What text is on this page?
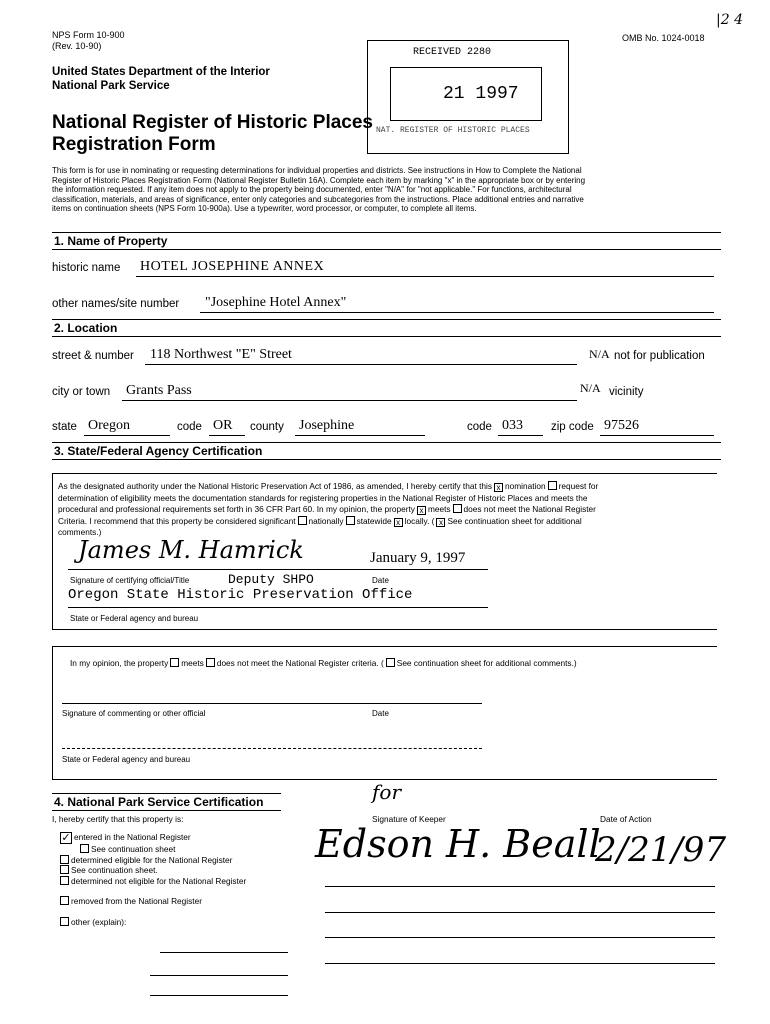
NPS Form 10-900
(Rev. 10-90)
OMB No. 1024-0018
|2 4
United States Department of the Interior
National Park Service
National Register of Historic Places
Registration Form
RECEIVED 2280
21 1997
NAT. REGISTER OF HISTORIC PLACES
This form is for use in nominating or requesting determinations for individual properties and districts. See instructions in How to Complete the National
Register of Historic Places Registration Form (National Register Bulletin 16A). Complete each item by marking "x" in the appropriate box or by entering
the information requested. If any item does not apply to the property being documented, enter "N/A" for "not applicable." For functions, architectural
classification, materials, and areas of significance, enter only categories and subcategories from the instructions. Place additional entries and narrative
items on continuation sheets (NPS Form 10-900a). Use a typewriter, word processor, or computer, to complete all items.
1. Name of Property
historic name HOTEL JOSEPHINE ANNEX
other names/site number "Josephine Hotel Annex"
2. Location
street & number 118 Northwest "E" Street	N/A not for publication
city or town Grants Pass	N/A vicinity
state Oregon	code OR county Josephine	code 033 zip code 97526
3. State/Federal Agency Certification
As the designated authority under the National Historic Preservation Act of 1986, as amended, I hereby certify that this x nomination request for
determination of eligibility meets the documentation standards for registering properties in the National Register of Historic Places and meets the
procedural and professional requirements set forth in 36 CFR Part 60. In my opinion, the property x meets does not meet the National Register
Criteria. I recommend that this property be considered significant nationally statewide x locally. ( x See continuation sheet for additional
comments.)
James M. Hamrick	January 9, 1997
Signature of certifying official/Title	Deputy SHPO	Date
Oregon State Historic Preservation Office
State or Federal agency and bureau
In my opinion, the property meets does not meet the National Register criteria. ( See continuation sheet for additional comments.)
Signature of commenting or other official	Date
State or Federal agency and bureau
4. National Park Service Certification	for
I, hereby certify that this property is:	Signature of Keeper	Date of Action
Edson H. Beall
2/21/97
✓ entered in the National Register
See continuation sheet
determined eligible for the National Register
See continuation sheet.
determined not eligible for the National Register
removed from the National Register
other (explain):
